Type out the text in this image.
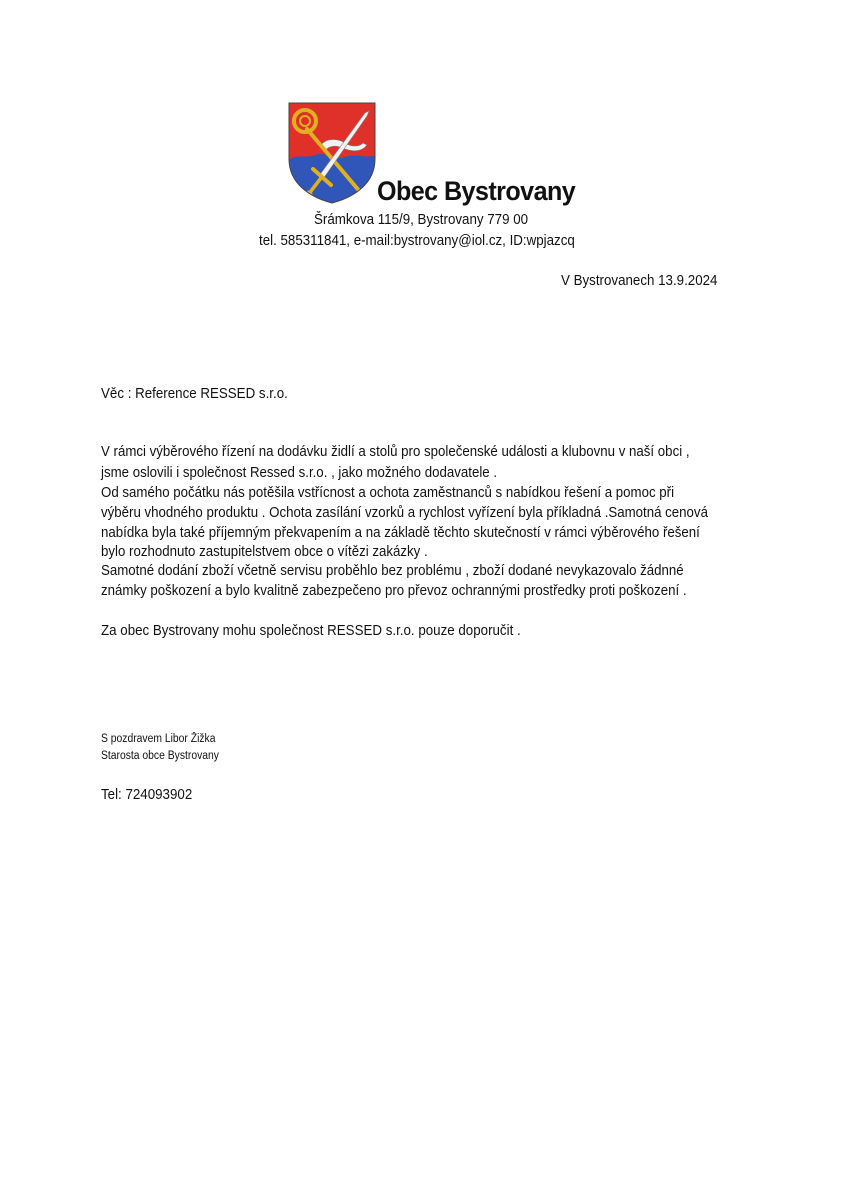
Obec Bystrovany
Šrámkova 115/9, Bystrovany 779 00
tel. 585311841, e-mail:bystrovany@iol.cz, ID:wpjazcq
V Bystrovanech 13.9.2024
Věc : Reference RESSED s.r.o.
V rámci výběrového řízení na dodávku židlí a stolů pro společenské události a klubovnu v naší obci ,
jsme oslovili i společnost Ressed s.r.o. , jako možného dodavatele .
Od samého počátku nás potěšila vstřícnost a ochota zaměstnanců s nabídkou řešení a pomoc při
výběru vhodného produktu . Ochota zasílání vzorků a rychlost vyřízení byla příkladná .Samotná cenová
nabídka byla také příjemným překvapením a na základě těchto skutečností v rámci výběrového řešení
bylo rozhodnuto zastupitelstvem obce o vítězi zakázky .
Samotné dodání zboží včetně servisu proběhlo bez problému , zboží dodané nevykazovalo žádnné
známky poškození a bylo kvalitně zabezpečeno pro převoz ochrannými prostředky proti poškození .
Za obec Bystrovany mohu společnost RESSED s.r.o. pouze doporučit .
S pozdravem Libor Žižka
Starosta obce Bystrovany
Tel: 724093902
